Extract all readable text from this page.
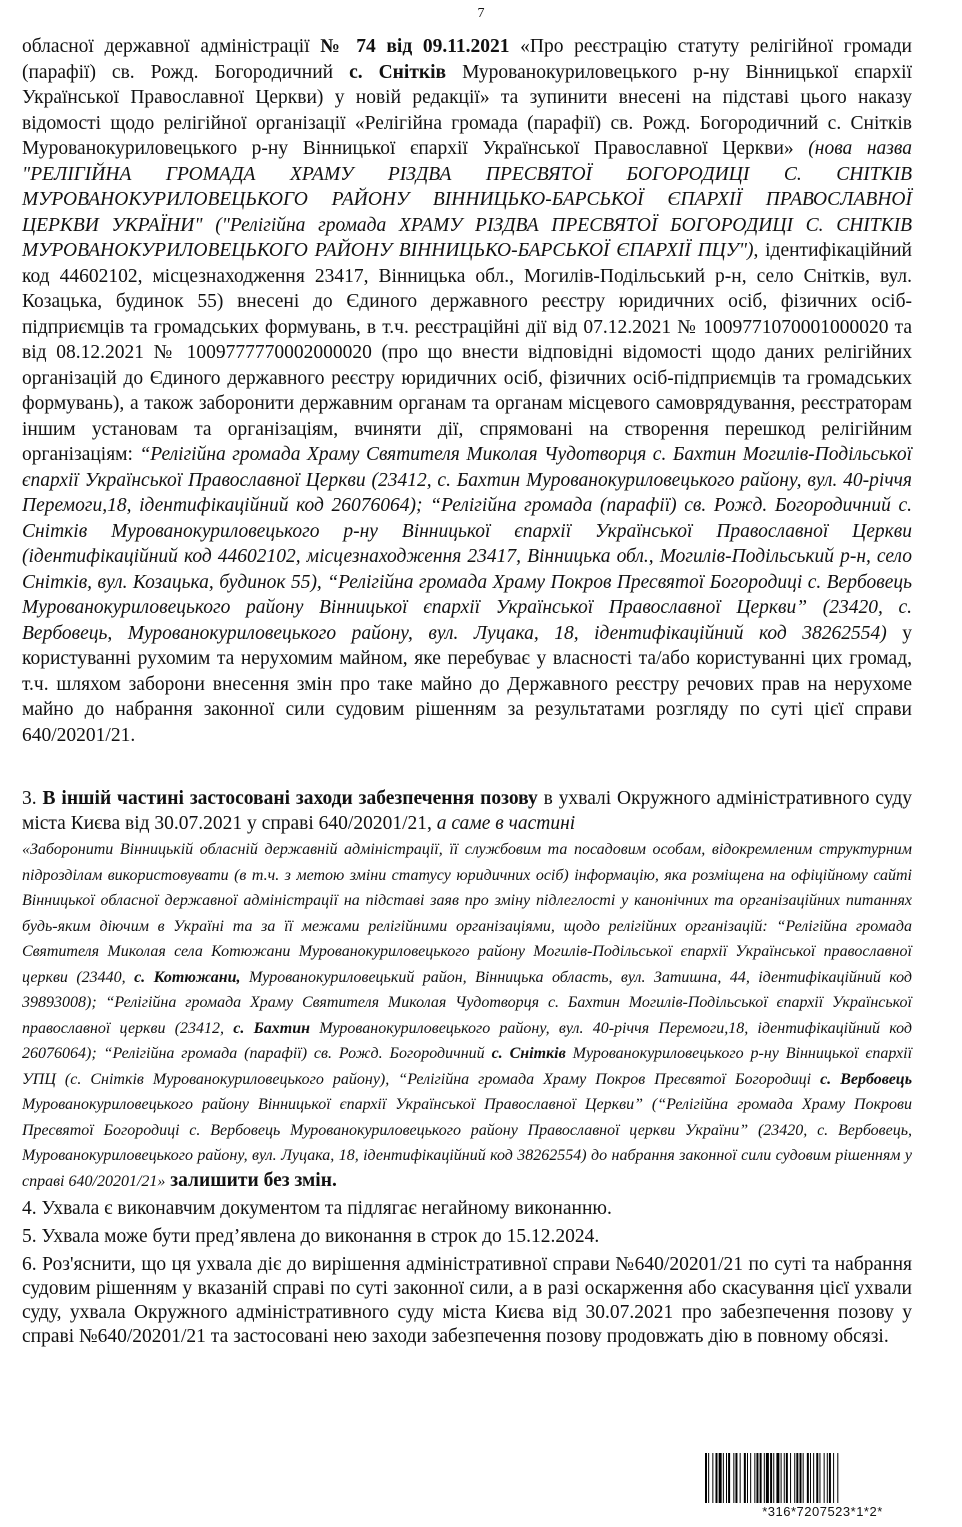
7

обласної державної адміністрації № 74 від 09.11.2021 «Про реєстрацію статуту релігійної громади (парафії) св. Рожд. Богородичний с. Снітків Мурованокуриловецького р-ну Вінницької єпархії Української Православної Церкви) у новій редакції» та зупинити внесені на підставі цього наказу відомості щодо релігійної організації «Релігійна громада (парафії) св. Рожд. Богородичний с. Снітків Мурованокуриловецького р-ну Вінницької єпархії Української Православної Церкви» (нова назва "РЕЛІГІЙНА ГРОМАДА ХРАМУ РІЗДВА ПРЕСВЯТОЇ БОГОРОДИЦІ С. СНІТКІВ МУРОВАНОКУРИЛОВЕЦЬКОГО РАЙОНУ ВІННИЦЬКО-БАРСЬКОЇ ЄПАРХІЇ ПРАВОСЛАВНОЇ ЦЕРКВИ УКРАЇНИ" ("Релігійна громада ХРАМУ РІЗДВА ПРЕСВЯТОЇ БОГОРОДИЦІ С. СНІТКІВ МУРОВАНОКУРИЛОВЕЦЬКОГО РАЙОНУ ВІННИЦЬКО-БАРСЬКОЇ ЄПАРХІЇ ПЦУ"), ідентифікаційний код 44602102, місцезнаходження 23417, Вінницька обл., Могилів-Подільський р-н, село Снітків, вул. Козацька, будинок 55) внесені до Єдиного державного реєстру юридичних осіб, фізичних осіб-підприємців та громадських формувань, в т.ч. реєстраційні дії від 07.12.2021 № 1009771070001000020 та від 08.12.2021 № 1009777770002000020 (про що внести відповідні відомості щодо даних релігійних організацій до Єдиного державного реєстру юридичних осіб, фізичних осіб-підприємців та громадських формувань), а також заборонити державним органам та органам місцевого самоврядування, реєстраторам іншим установам та організаціям, вчиняти дії, спрямовані на створення перешкод релігійним організаціям: “Релігійна громада Храму Святителя Миколая Чудотворця с. Бахтин Могилів-Подільської єпархії Української Православної Церкви (23412, с. Бахтин Мурованокуриловецького району, вул. 40-річчя Перемоги,18, ідентифікаційний код 26076064); “Релігійна громада (парафії) св. Рожд. Богородичний с. Снітків Мурованокуриловецького р-ну Вінницької єпархії Української Православної Церкви (ідентифікаційний код 44602102, місцезнаходження 23417, Вінницька обл., Могилів-Подільський р-н, село Снітків, вул. Козацька, будинок 55), “Релігійна громада Храму Покров Пресвятої Богородиці с. Вербовець Мурованокуриловецького району Вінницької єпархії Української Православної Церкви” (23420, с. Вербовець, Мурованокуриловецького району, вул. Луцака, 18, ідентифікаційний код 38262554) у користуванні рухомим та нерухомим майном, яке перебуває у власності та/або користуванні цих громад, т.ч. шляхом заборони внесення змін про таке майно до Державного реєстру речових прав на нерухоме майно до набрання законної сили судовим рішенням за результатами розгляду по суті цієї справи 640/20201/21.

3. В іншій частині застосовані заходи забезпечення позову в ухвалі Окружного адміністративного суду міста Києва від 30.07.2021 у справі 640/20201/21, а саме в частині
«Заборонити Вінницькій обласній державній адміністрації, її службовим та посадовим особам, відокремленим структурним підрозділам використовувати (в т.ч. з метою зміни статусу юридичних осіб) інформацію, яка розміщена на офіційному сайті Вінницької обласної державної адміністрації на підставі заяв про зміну підлеглості у канонічних та організаційних питаннях будь-яким діючим в Україні та за її межами релігійними організаціями, щодо релігійних організацій: “Релігійна громада Святителя Миколая села Котюжани Мурованокуриловецького району Могилів-Подільської єпархії Української православної церкви (23440, с. Котюжани, Мурованокуриловецький район, Вінницька область, вул. Затишна, 44, ідентифікаційний код 39893008); “Релігійна громада Храму Святителя Миколая Чудотворця с. Бахтин Могилів-Подільської єпархії Української православної церкви (23412, с. Бахтин Мурованокуриловецького району, вул. 40-річчя Перемоги,18, ідентифікаційний код 26076064); “Релігійна громада (парафії) св. Рожд. Богородичний с. Снітків Мурованокуриловецького р-ну Вінницької єпархії УПЦ (с. Снітків Мурованокуриловецького району), “Релігійна громада Храму Покров Пресвятої Богородиці с. Вербовець Мурованокуриловецького району Вінницької єпархії Української Православної Церкви” (“Релігійна громада Храму Покрови Пресвятої Богородиці с. Вербовець Мурованокуриловецького району Православної церкви України” (23420, с. Вербовець, Мурованокуриловецького району, вул. Луцака, 18, ідентифікаційний код 38262554) до набрання законної сили судовим рішенням у справі 640/20201/21» залишити без змін.

4. Ухвала є виконавчим документом та підлягає негайному виконанню.

5. Ухвала може бути пред’явлена до виконання в строк до 15.12.2024.

6. Роз'яснити, що ця ухвала діє до вирішення адміністративної справи №640/20201/21 по суті та набрання судовим рішенням у вказаній справі по суті законної сили, а в разі оскарження або скасування цієї ухвали суду, ухвала Окружного адміністративного суду міста Києва від 30.07.2021 про забезпечення позову у справі №640/20201/21 та застосовані нею заходи забезпечення позову продовжать дію в повному обсязі.

*316*7207523*1*2*
